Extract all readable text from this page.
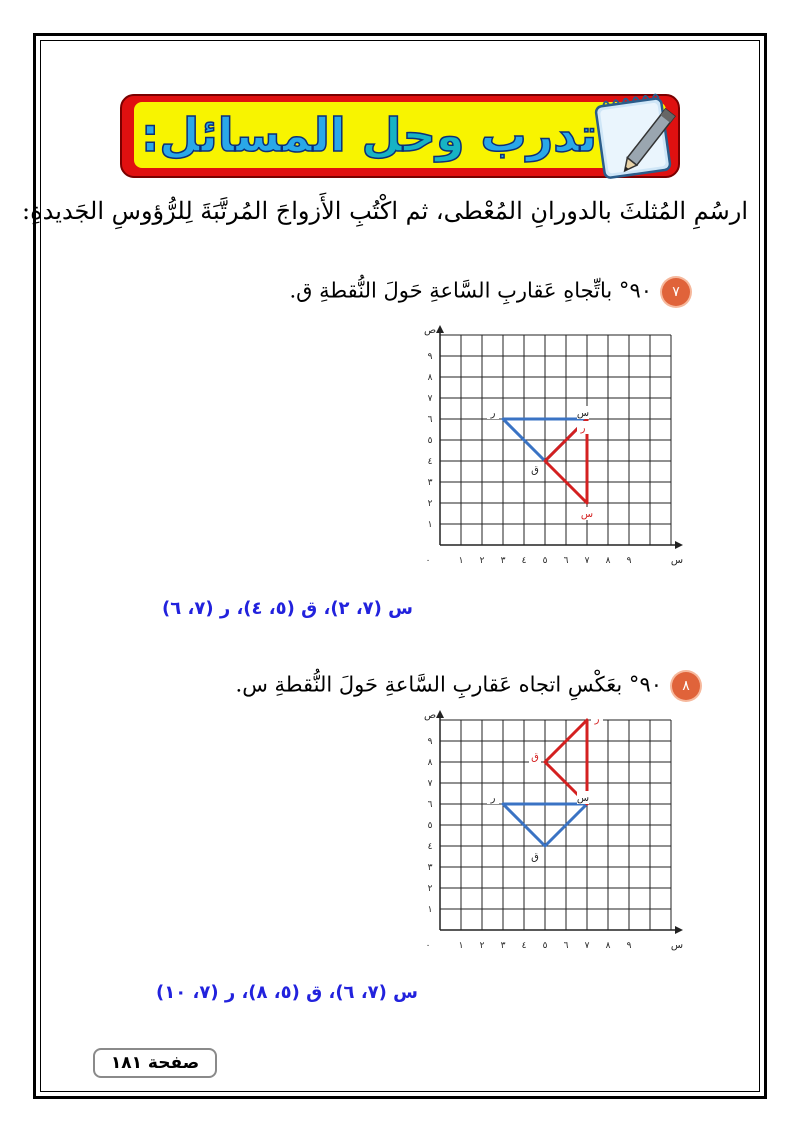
تدرب
وحل
المسائل:
ارسُمِ المُثلثَ بالدورانِ المُعْطى، ثم اكْتُبِ الأَزواجَ المُرتَّبَةَ لِلرُّؤوسِ الجَديدةِ:
٧٩٠° باتِّجاهِ عَقاربِ السَّاعةِ حَولَ النُّقطةِ ق.
١ ٢ ٣ ٤ ٥ ٦ ٧ ٨ ٩
١
٢
٣
٤
٥
٦
٧
٨
٩
٠	س
ص
ر	س
ق
ر
س
س (٧، ٢)، ق (٥، ٤)، ر (٧، ٦)
٨٩٠° بعَكْسِ اتجاه عَقاربِ السَّاعةِ حَولَ النُّقطةِ س.
١ ٢ ٣ ٤ ٥ ٦ ٧ ٨ ٩
١
٢
٣
٤
٥
٦
٧
٨
٩
٠	س
ص
ر	س
ق
ر
ق
س (٧، ٦)، ق (٥، ٨)، ر (٧، ١٠)
صفحة ١٨١
